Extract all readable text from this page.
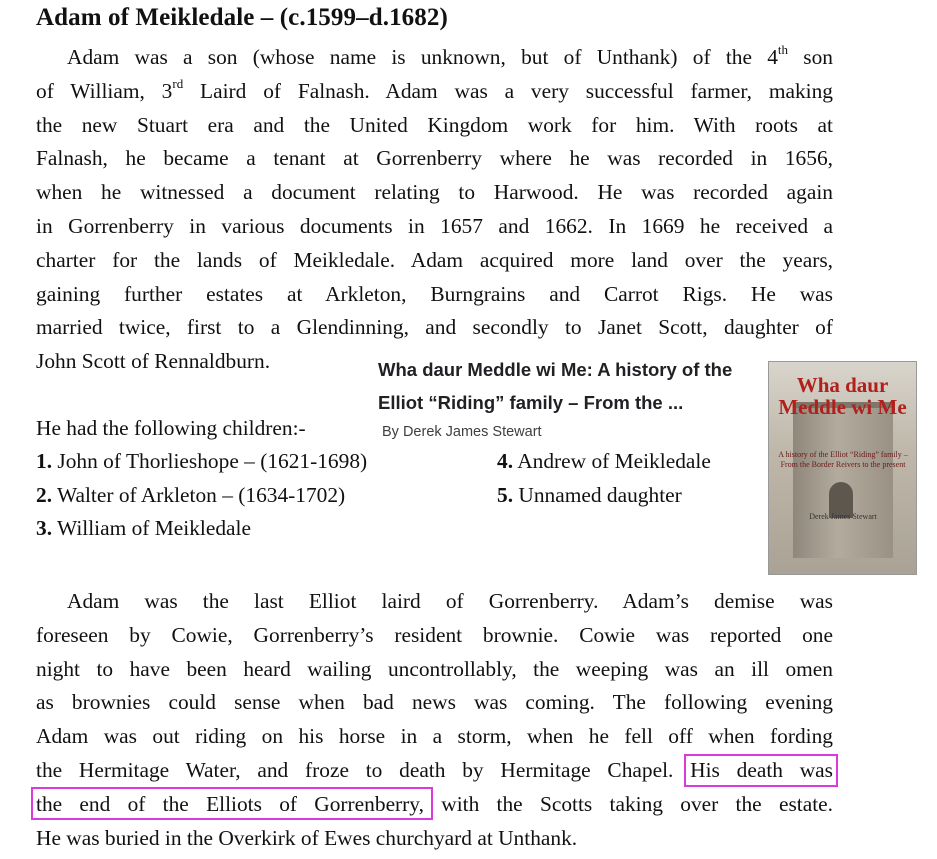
Adam of Meikledale – (c.1599–d.1682)
Adam was a son (whose name is unknown, but of Unthank) of the 4th son
of William, 3rd Laird of Falnash. Adam was a very successful farmer, making
the new Stuart era and the United Kingdom work for him. With roots at
Falnash, he became a tenant at Gorrenberry where he was recorded in 1656,
when he witnessed a document relating to Harwood. He was recorded again
in Gorrenberry in various documents in 1657 and 1662. In 1669 he received a
charter for the lands of Meikledale. Adam acquired more land over the years,
gaining further estates at Arkleton, Burngrains and Carrot Rigs. He was
married twice, first to a Glendinning, and secondly to Janet Scott, daughter of
John Scott of Rennaldburn.	Wha daur Meddle wi Me: A history of the Elliot “Riding” family – From the ...
By Derek James Stewart
Wha daur Meddle wi Me
A history of the Elliot “Riding” family – From the Border Reivers to the present
Derek James Stewart
He had the following children:-
1. John of Thorlieshope – (1621-1698)
2. Walter of Arkleton – (1634-1702)
3. William of Meikledale
4. Andrew of Meikledale
5. Unnamed daughter
Adam was the last Elliot laird of Gorrenberry. Adam’s demise was
foreseen by Cowie, Gorrenberry’s resident brownie. Cowie was reported one
night to have been heard wailing uncontrollably, the weeping was an ill omen
as brownies could sense when bad news was coming. The following evening
Adam was out riding on his horse in a storm, when he fell off when fording
the Hermitage Water, and froze to death by Hermitage Chapel. His death was
the end of the Elliots of Gorrenberry, with the Scotts taking over the estate.
He was buried in the Overkirk of Ewes churchyard at Unthank.
